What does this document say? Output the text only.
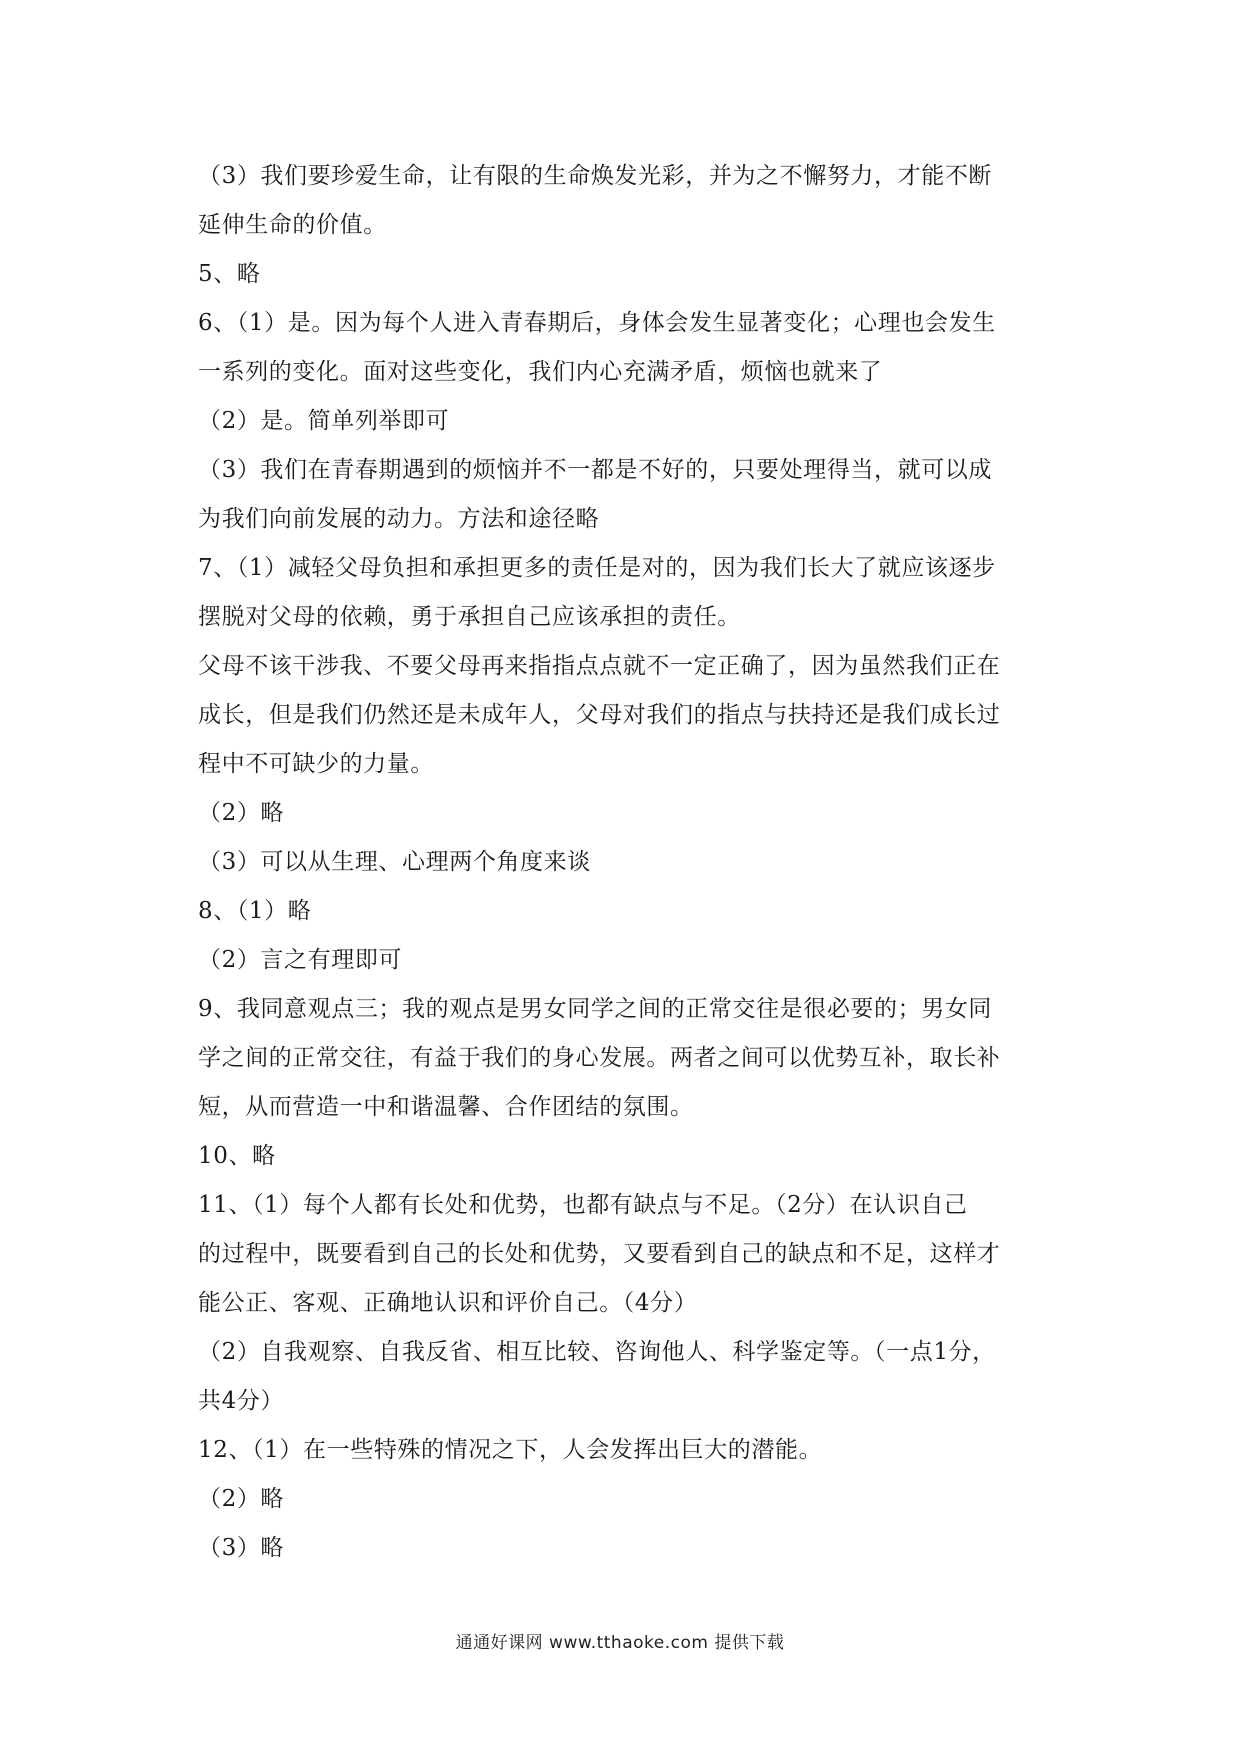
（3）我们要珍爱生命，让有限的生命焕发光彩，并为之不懈努力，才能不断
延伸生命的价值。
5、略
6、（1）是。因为每个人进入青春期后，身体会发生显著变化；心理也会发生
一系列的变化。面对这些变化，我们内心充满矛盾，烦恼也就来了
（2）是。简单列举即可
（3）我们在青春期遇到的烦恼并不一都是不好的，只要处理得当，就可以成
为我们向前发展的动力。方法和途径略
7、（1）减轻父母负担和承担更多的责任是对的，因为我们长大了就应该逐步
摆脱对父母的依赖，勇于承担自己应该承担的责任。
父母不该干涉我、不要父母再来指指点点就不一定正确了，因为虽然我们正在
成长，但是我们仍然还是未成年人，父母对我们的指点与扶持还是我们成长过
程中不可缺少的力量。
（2）略
（3）可以从生理、心理两个角度来谈
8、（1）略
（2）言之有理即可
9、我同意观点三；我的观点是男女同学之间的正常交往是很必要的；男女同
学之间的正常交往，有益于我们的身心发展。两者之间可以优势互补，取长补
短，从而营造一中和谐温馨、合作团结的氛围。
10、略
11、（1）每个人都有长处和优势，也都有缺点与不足。（2分）在认识自己
的过程中，既要看到自己的长处和优势，又要看到自己的缺点和不足，这样才
能公正、客观、正确地认识和评价自己。（4分）
（2）自我观察、自我反省、相互比较、咨询他人、科学鉴定等。（一点1分，
共4分）
12、（1）在一些特殊的情况之下，人会发挥出巨大的潜能。
（2）略
（3）略
通通好课网 www.tthaoke.com 提供下载
